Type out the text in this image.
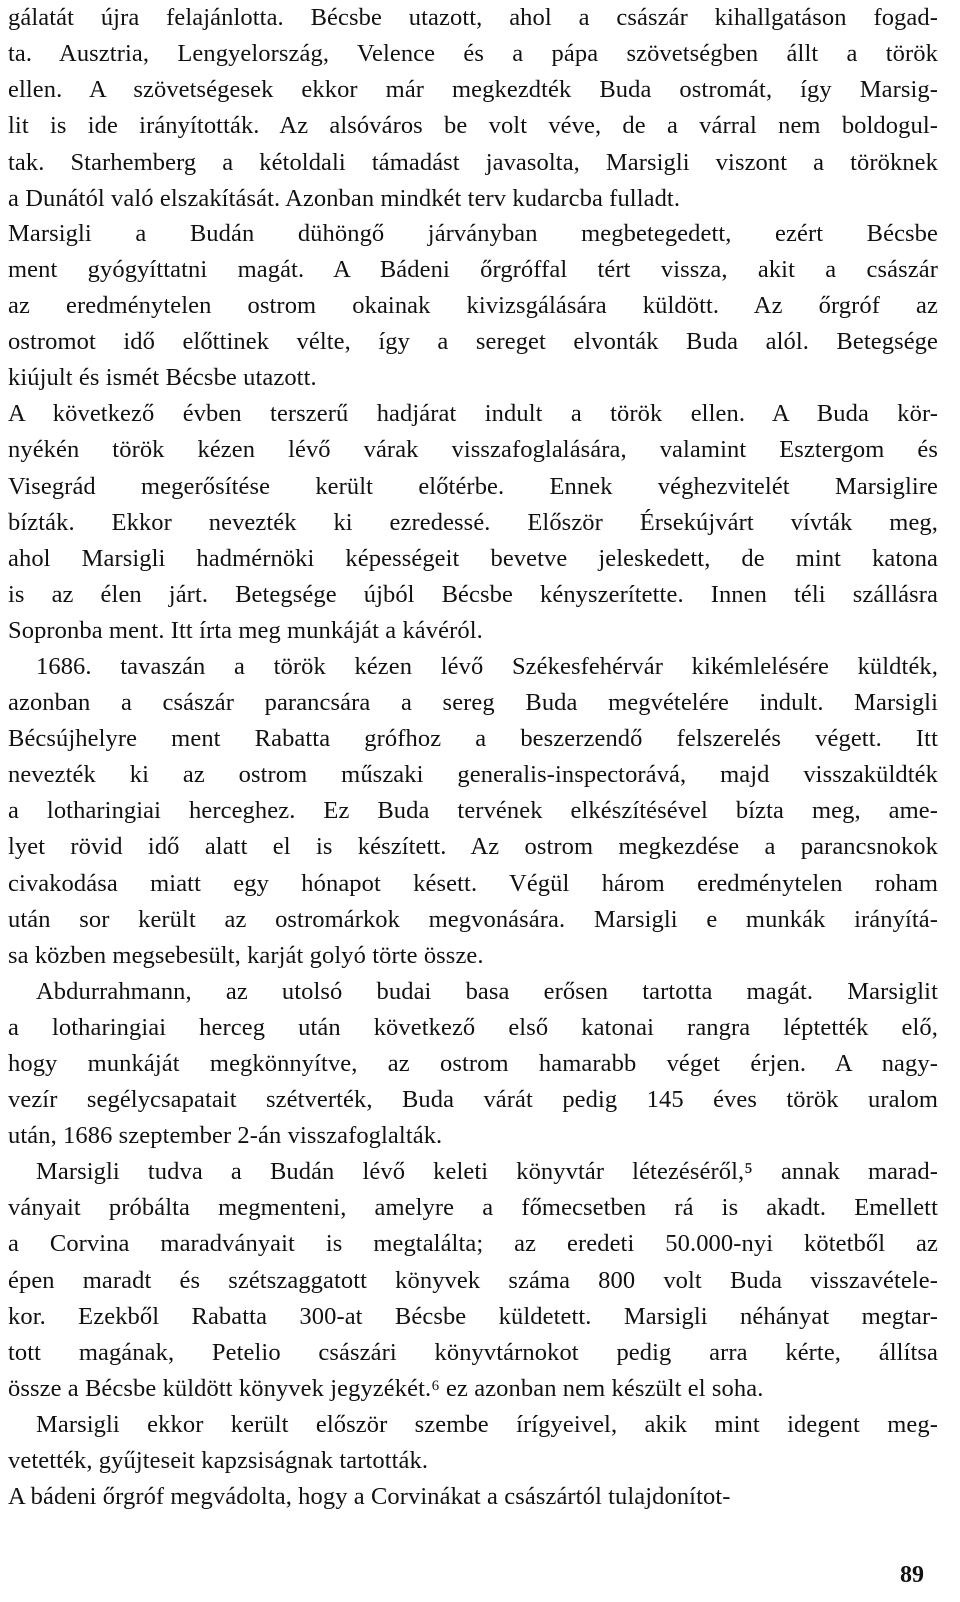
gálatát újra felajánlotta. Bécsbe utazott, ahol a császár kihallgatáson fogad-
ta. Ausztria, Lengyelország, Velence és a pápa szövetségben állt a török
ellen. A szövetségesek ekkor már megkezdték Buda ostromát, így Marsig-
lit is ide irányították. Az alsóváros be volt véve, de a várral nem boldogul-
tak. Starhemberg a kétoldali támadást javasolta, Marsigli viszont a töröknek
a Dunától való elszakítását. Azonban mindkét terv kudarcba fulladt.
Marsigli a Budán dühöngő járványban megbetegedett, ezért Bécsbe
ment gyógyíttatni magát. A Bádeni őrgróffal tért vissza, akit a császár
az eredménytelen ostrom okainak kivizsgálására küldött. Az őrgróf az
ostromot idő előttinek vélte, így a sereget elvonták Buda alól. Betegsége
kiújult és ismét Bécsbe utazott.
A következő évben terszerű hadjárat indult a török ellen. A Buda kör-
nyékén török kézen lévő várak visszafoglalására, valamint Esztergom és
Visegrád megerősítése került előtérbe. Ennek véghezvitelét Marsiglire
bízták. Ekkor nevezték ki ezredessé. Először Érsekújvárt vívták meg,
ahol Marsigli hadmérnöki képességeit bevetve jeleskedett, de mint katona
is az élen járt. Betegsége újból Bécsbe kényszerítette. Innen téli szállásra
Sopronba ment. Itt írta meg munkáját a kávéról.
1686. tavaszán a török kézen lévő Székesfehérvár kikémlelésére küldték,
azonban a császár parancsára a sereg Buda megvételére indult. Marsigli
Bécsújhelyre ment Rabatta grófhoz a beszerzendő felszerelés végett. Itt
nevezték ki az ostrom műszaki generalis-inspectorává, majd visszaküldték
a lotharingiai herceghez. Ez Buda tervének elkészítésével bízta meg, ame-
lyet rövid idő alatt el is készített. Az ostrom megkezdése a parancsnokok
civakodása miatt egy hónapot késett. Végül három eredménytelen roham
után sor került az ostromárkok megvonására. Marsigli e munkák irányítá-
sa közben megsebesült, karját golyó törte össze.
Abdurrahmann, az utolsó budai basa erősen tartotta magát. Marsiglit
a lotharingiai herceg után következő első katonai rangra léptették elő,
hogy munkáját megkönnyítve, az ostrom hamarabb véget érjen. A nagy-
vezír segélycsapatait szétverték, Buda várát pedig 145 éves török uralom
után, 1686 szeptember 2-án visszafoglalták.
Marsigli tudva a Budán lévő keleti könyvtár létezéséről,⁵ annak marad-
ványait próbálta megmenteni, amelyre a főmecsetben rá is akadt. Emellett
a Corvina maradványait is megtalálta; az eredeti 50.000-nyi kötetből az
épen maradt és szétszaggatott könyvek száma 800 volt Buda visszavétele-
kor. Ezekből Rabatta 300-at Bécsbe küldetett. Marsigli néhányat megtar-
tott magának, Petelio császári könyvtárnokot pedig arra kérte, állítsa
össze a Bécsbe küldött könyvek jegyzékét.⁶ ez azonban nem készült el soha.
Marsigli ekkor került először szembe írígyeivel, akik mint idegent meg-
vetették, gyűjteseit kapzsiságnak tartották.
A bádeni őrgróf megvádolta, hogy a Corvinákat a császártól tulajdonítot-
89
